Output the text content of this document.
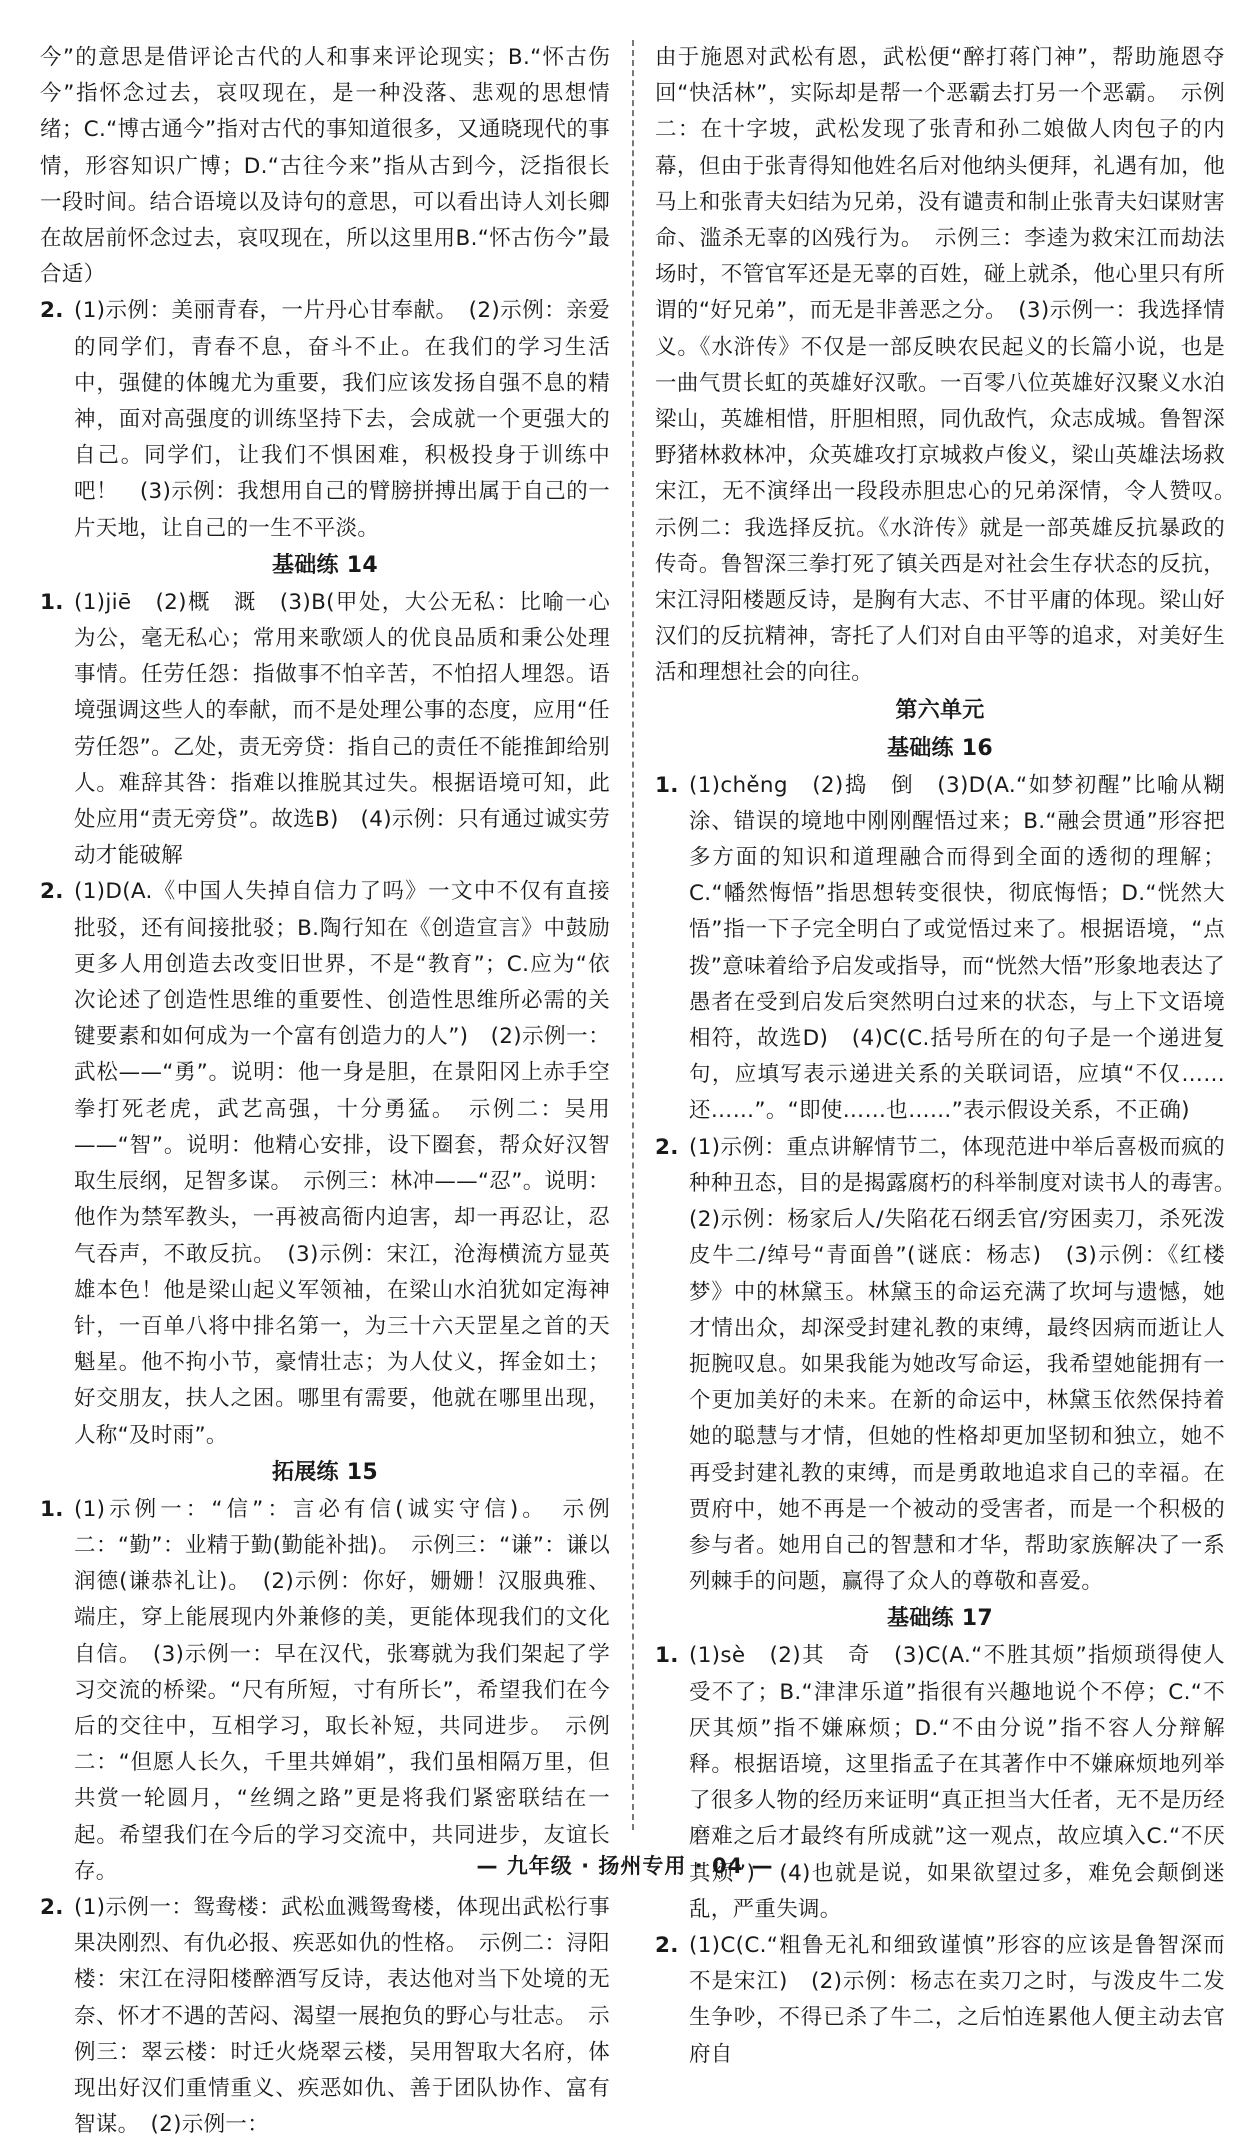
今”的意思是借评论古代的人和事来评论现实；B.“怀古伤今”指怀念过去，哀叹现在，是一种没落、悲观的思想情绪；C.“博古通今”指对古代的事知道很多，又通晓现代的事情，形容知识广博；D.“古往今来”指从古到今，泛指很长一段时间。结合语境以及诗句的意思，可以看出诗人刘长卿在故居前怀念过去，哀叹现在，所以这里用B.“怀古伤今”最合适）

2. (1)示例：美丽青春，一片丹心甘奉献。　(2)示例：亲爱的同学们，青春不息，奋斗不止。在我们的学习生活中，强健的体魄尤为重要，我们应该发扬自强不息的精神，面对高强度的训练坚持下去，会成就一个更强大的自己。同学们，让我们不惧困难，积极投身于训练中吧！　(3)示例：我想用自己的臂膀拼搏出属于自己的一片天地，让自己的一生不平淡。
基础练 14
1. (1)jiē　(2)概　溉　(3)B(甲处，大公无私：比喻一心为公，毫无私心；常用来歌颂人的优良品质和秉公处理事情。任劳任怨：指做事不怕辛苦，不怕招人埋怨。语境强调这些人的奉献，而不是处理公事的态度，应用“任劳任怨”。乙处，责无旁贷：指自己的责任不能推卸给别人。难辞其咎：指难以推脱其过失。根据语境可知，此处应用“责无旁贷”。故选B)　(4)示例：只有通过诚实劳动才能破解
2. (1)D(A.《中国人失掉自信力了吗》一文中不仅有直接批驳，还有间接批驳；B.陶行知在《创造宣言》中鼓励更多人用创造去改变旧世界，不是“教育”；C.应为“依次论述了创造性思维的重要性、创造性思维所必需的关键要素和如何成为一个富有创造力的人”)　(2)示例一：武松——“勇”。说明：他一身是胆，在景阳冈上赤手空拳打死老虎，武艺高强，十分勇猛。　示例二：吴用——“智”。说明：他精心安排，设下圈套，帮众好汉智取生辰纲，足智多谋。　示例三：林冲——“忍”。说明：他作为禁军教头，一再被高衙内迫害，却一再忍让，忍气吞声，不敢反抗。　(3)示例：宋江，沧海横流方显英雄本色！他是梁山起义军领袖，在梁山水泊犹如定海神针，一百单八将中排名第一，为三十六天罡星之首的天魁星。他不拘小节，豪情壮志；为人仗义，挥金如土；好交朋友，扶人之困。哪里有需要，他就在哪里出现，人称“及时雨”。
拓展练 15
1. (1)示例一：“信”：言必有信(诚实守信)。　示例二：“勤”：业精于勤(勤能补拙)。　示例三：“谦”：谦以润德(谦恭礼让)。　(2)示例：你好，姗姗！汉服典雅、端庄，穿上能展现内外兼修的美，更能体现我们的文化自信。　(3)示例一：早在汉代，张骞就为我们架起了学习交流的桥梁。“尺有所短，寸有所长”，希望我们在今后的交往中，互相学习，取长补短，共同进步。　示例二：“但愿人长久，千里共婵娟”，我们虽相隔万里，但共赏一轮圆月，“丝绸之路”更是将我们紧密联结在一起。希望我们在今后的学习交流中，共同进步，友谊长存。
2. (1)示例一：鸳鸯楼：武松血溅鸳鸯楼，体现出武松行事果决刚烈、有仇必报、疾恶如仇的性格。　示例二：浔阳楼：宋江在浔阳楼醉酒写反诗，表达他对当下处境的无奈、怀才不遇的苦闷、渴望一展抱负的野心与壮志。　示例三：翠云楼：时迁火烧翠云楼，吴用智取大名府，体现出好汉们重情重义、疾恶如仇、善于团队协作、富有智谋。　(2)示例一：

由于施恩对武松有恩，武松便“醉打蒋门神”，帮助施恩夺回“快活林”，实际却是帮一个恶霸去打另一个恶霸。　示例二：在十字坡，武松发现了张青和孙二娘做人肉包子的内幕，但由于张青得知他姓名后对他纳头便拜，礼遇有加，他马上和张青夫妇结为兄弟，没有谴责和制止张青夫妇谋财害命、滥杀无辜的凶残行为。　示例三：李逵为救宋江而劫法场时，不管官军还是无辜的百姓，碰上就杀，他心里只有所谓的“好兄弟”，而无是非善恶之分。　(3)示例一：我选择情义。《水浒传》不仅是一部反映农民起义的长篇小说，也是一曲气贯长虹的英雄好汉歌。一百零八位英雄好汉聚义水泊梁山，英雄相惜，肝胆相照，同仇敌忾，众志成城。鲁智深野猪林救林冲，众英雄攻打京城救卢俊义，梁山英雄法场救宋江，无不演绎出一段段赤胆忠心的兄弟深情，令人赞叹。　示例二：我选择反抗。《水浒传》就是一部英雄反抗暴政的传奇。鲁智深三拳打死了镇关西是对社会生存状态的反抗，宋江浔阳楼题反诗，是胸有大志、不甘平庸的体现。梁山好汉们的反抗精神，寄托了人们对自由平等的追求，对美好生活和理想社会的向往。

第六单元
基础练 16
1. (1)chěng　(2)捣　倒　(3)D(A.“如梦初醒”比喻从糊涂、错误的境地中刚刚醒悟过来；B.“融会贯通”形容把多方面的知识和道理融合而得到全面的透彻的理解；C.“幡然悔悟”指思想转变很快，彻底悔悟；D.“恍然大悟”指一下子完全明白了或觉悟过来了。根据语境，“点拨”意味着给予启发或指导，而“恍然大悟”形象地表达了愚者在受到启发后突然明白过来的状态，与上下文语境相符，故选D)　(4)C(C.括号所在的句子是一个递进复句，应填写表示递进关系的关联词语，应填“不仅……还……”。“即使……也……”表示假设关系，不正确)
2. (1)示例：重点讲解情节二，体现范进中举后喜极而疯的种种丑态，目的是揭露腐朽的科举制度对读书人的毒害。　(2)示例：杨家后人/失陷花石纲丢官/穷困卖刀，杀死泼皮牛二/绰号“青面兽”(谜底：杨志)　(3)示例：《红楼梦》中的林黛玉。林黛玉的命运充满了坎坷与遗憾，她才情出众，却深受封建礼教的束缚，最终因病而逝让人扼腕叹息。如果我能为她改写命运，我希望她能拥有一个更加美好的未来。在新的命运中，林黛玉依然保持着她的聪慧与才情，但她的性格却更加坚韧和独立，她不再受封建礼教的束缚，而是勇敢地追求自己的幸福。在贾府中，她不再是一个被动的受害者，而是一个积极的参与者。她用自己的智慧和才华，帮助家族解决了一系列棘手的问题，赢得了众人的尊敬和喜爱。
基础练 17
1. (1)sè　(2)其　奇　(3)C(A.“不胜其烦”指烦琐得使人受不了；B.“津津乐道”指很有兴趣地说个不停；C.“不厌其烦”指不嫌麻烦；D.“不由分说”指不容人分辩解释。根据语境，这里指孟子在其著作中不嫌麻烦地列举了很多人物的经历来证明“真正担当大任者，无不是历经磨难之后才最终有所成就”这一观点，故应填入C.“不厌其烦”)　(4)也就是说，如果欲望过多，难免会颠倒迷乱，严重失调。
2. (1)C(C.“粗鲁无礼和细致谨慎”形容的应该是鲁智深而不是宋江)　(2)示例：杨志在卖刀之时，与泼皮牛二发生争吵，不得已杀了牛二，之后怕连累他人便主动去官府自
— 九年级 · 扬州专用 · 04 —
